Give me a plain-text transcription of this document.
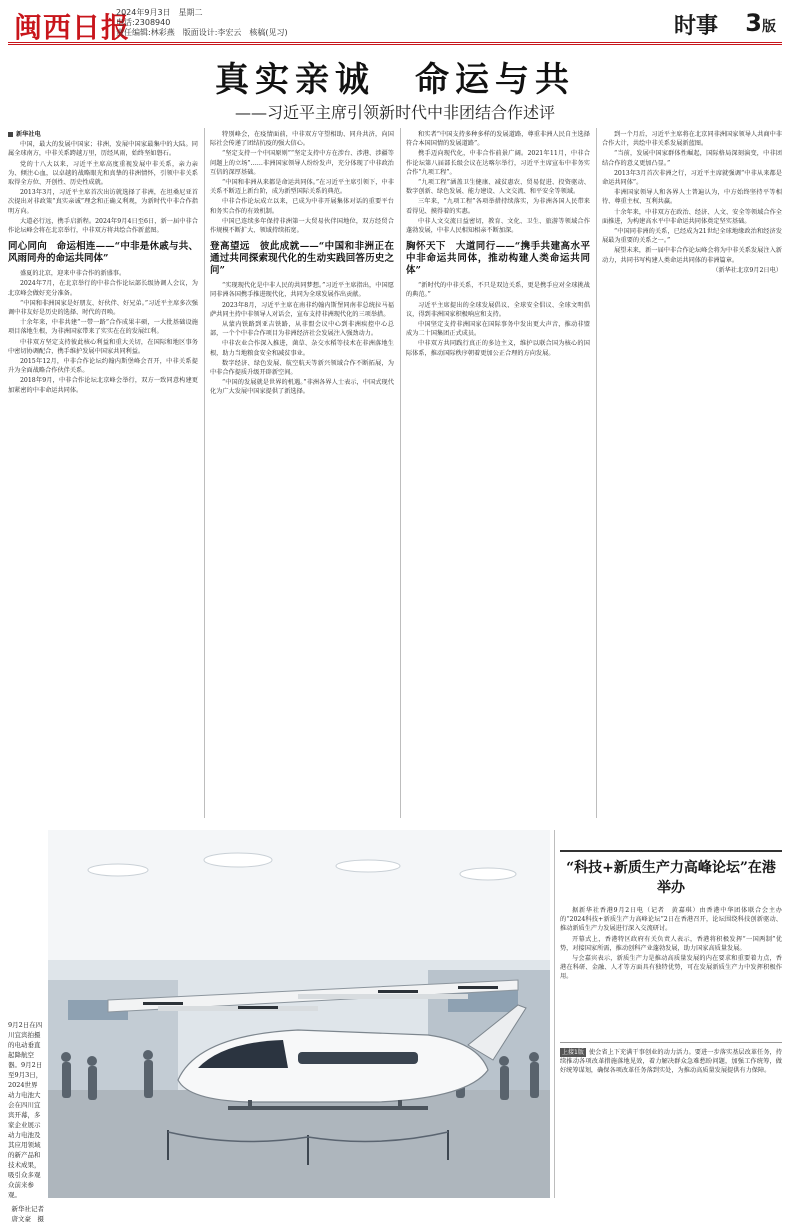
闽西日报
2024年9月3日　星期二
电话:2308940
责任编辑:林彩燕　版面设计:李宏云　核稿(见习)	时事 3版
真实亲诚　命运与共
——习近平主席引领新时代中非团结合作述评

新华社电

中国，最大的发展中国家；非洲，发展中国家最集中的大陆。同属全球南方，中非关系跨越万里，历经风雨，始终坚如磐石。

党的十八大以来，习近平主席高度重视发展中非关系，亲力亲为、倾注心血，以卓越的战略眼光和真挚的非洲情怀，引领中非关系取得全方位、开创性、历史性成就。

2013年3月，习近平主席首次出访就选择了非洲，在坦桑尼亚首次提出对非政策“真实亲诚”理念和正确义利观，为新时代中非合作指明方向。

大道必行远，携手启新程。2024年9月4日至6日，新一届中非合作论坛峰会将在北京举行，中非双方将共绘合作新蓝图。

同心同向　命运相连——“中非是休戚与共、风雨同舟的命运共同体”

盛夏的北京，迎来中非合作的新盛事。

2024年7月，在北京举行的中非合作论坛部长级协调人会议，为北京峰会做好充分准备。

“中国和非洲国家是好朋友、好伙伴、好兄弟。”习近平主席多次强调中非友好是历史的选择、时代的召唤。

十余年来，中非共建“一带一路”合作成果丰硕，一大批基础设施项目落地生根，为非洲国家带来了实实在在的发展红利。

中非双方坚定支持彼此核心利益和重大关切，在国际和地区事务中密切协调配合，携手维护发展中国家共同利益。

2015年12月，中非合作论坛约翰内斯堡峰会召开，中非关系提升为全面战略合作伙伴关系。

2018年9月，中非合作论坛北京峰会举行，双方一致同意构建更加紧密的中非命运共同体。

特别峰会，在疫情面前，中非双方守望相助、同舟共济，向国际社会传递了团结抗疫的强大信心。

“坚定支持一个中国原则”“坚定支持中方在涉台、涉港、涉疆等问题上的立场”……非洲国家领导人纷纷发声，充分体现了中非政治互信的深厚基础。

“中国和非洲从来都是命运共同体。”在习近平主席引领下，中非关系不断迈上新台阶，成为新型国际关系的典范。

中非合作论坛成立以来，已成为中非开展集体对话的重要平台和务实合作的有效机制。

中国已连续多年保持非洲第一大贸易伙伴国地位，双方经贸合作规模不断扩大、领域持续拓宽。

登高望远　彼此成就——“中国和非洲正在通过共同探索现代化的生动实践回答历史之问”

“实现现代化是中非人民的共同梦想。”习近平主席指出，中国愿同非洲各国携手推进现代化，共同为全球发展作出贡献。

2023年8月，习近平主席在南非约翰内斯堡同南非总统拉马福萨共同主持中非领导人对话会，宣布支持非洲现代化的三项举措。

从蒙内铁路到亚吉铁路，从非盟会议中心到非洲疾控中心总部，一个个中非合作项目为非洲经济社会发展注入强劲动力。

中非农业合作深入推进，菌草、杂交水稻等技术在非洲落地生根，助力当地粮食安全和减贫事业。

数字经济、绿色发展、航空航天等新兴领域合作不断拓展，为中非合作提质升级开辟新空间。

“中国的发展就是世界的机遇。”非洲各界人士表示，中国式现代化为广大发展中国家提供了新选择。

和实者“中国支持多种多样的发展道路，尊重非洲人民自主选择符合本国国情的发展道路”。

携手迈向现代化，中非合作前景广阔。2021年11月，中非合作论坛第八届部长级会议在达喀尔举行，习近平主席宣布中非务实合作“九项工程”。

“九项工程”涵盖卫生健康、减贫惠农、贸易促进、投资驱动、数字创新、绿色发展、能力建设、人文交流、和平安全等领域。

三年来，“九项工程”各项举措持续落实，为非洲各国人民带来看得见、摸得着的实惠。

中非人文交流日益密切，教育、文化、卫生、旅游等领域合作蓬勃发展，中非人民相知相亲不断加深。

胸怀天下　大道同行——“携手共建高水平中非命运共同体，推动构建人类命运共同体”

“新时代的中非关系，不只是双边关系，更是携手应对全球挑战的典范。”

习近平主席提出的全球发展倡议、全球安全倡议、全球文明倡议，得到非洲国家积极响应和支持。

中国坚定支持非洲国家在国际事务中发出更大声音，推动非盟成为二十国集团正式成员。

中非双方共同践行真正的多边主义，维护以联合国为核心的国际体系，推动国际秩序朝着更加公正合理的方向发展。

到一个月后，习近平主席将在北京同非洲国家领导人共商中非合作大计，共绘中非关系发展新蓝图。

“当前，发展中国家群体性崛起，国际格局深刻演变，中非团结合作的意义更加凸显。”

2013年3月首次非洲之行，习近平主席就强调“中非从来都是命运共同体”。

非洲国家领导人和各界人士普遍认为，中方始终坚持平等相待、尊重主权、互利共赢。

十余年来，中非双方在政治、经济、人文、安全等领域合作全面推进，为构建高水平中非命运共同体奠定坚实基础。

“中国同非洲的关系，已经成为21世纪全球地缘政治和经济发展最为重要的关系之一。”

展望未来，新一届中非合作论坛峰会将为中非关系发展注入新动力，共同书写构建人类命运共同体的非洲篇章。

（新华社北京9月2日电）

9月2日在四川宜宾拍摄的电动垂直起降航空器。9月2日至9月3日，2024世界动力电池大会在四川宜宾开幕，多家企业展示动力电池及其应用领域的新产品和技术成果，吸引众多观众前来参观。
新华社记者　唐文豪　摄
“科技+新质生产力高峰论坛”在港举办

据新华社香港9月2日电（记者　黄嘉琪）由香港中华团体联合会主办的“2024科技+新质生产力高峰论坛”2日在香港召开，论坛围绕科技创新驱动、推动新质生产力发展进行深入交流研讨。

开幕式上，香港特区政府有关负责人表示，香港将积极发挥“一国两制”优势，对接国家所需，推动创科产业蓬勃发展，助力国家高质量发展。

与会嘉宾表示，新质生产力是推动高质量发展的内在要求和重要着力点，香港在科研、金融、人才等方面具有独特优势，可在发展新质生产力中发挥积极作用。

上接1版 使会省上下充满干事创业的动力活力。要进一步落实基层改革任务，持续推动各项改革措施落地见效，着力解决群众急难愁盼问题，加强工作统筹，做好统筹谋划，确保各项改革任务落到实处，为推动高质量发展提供有力保障。
